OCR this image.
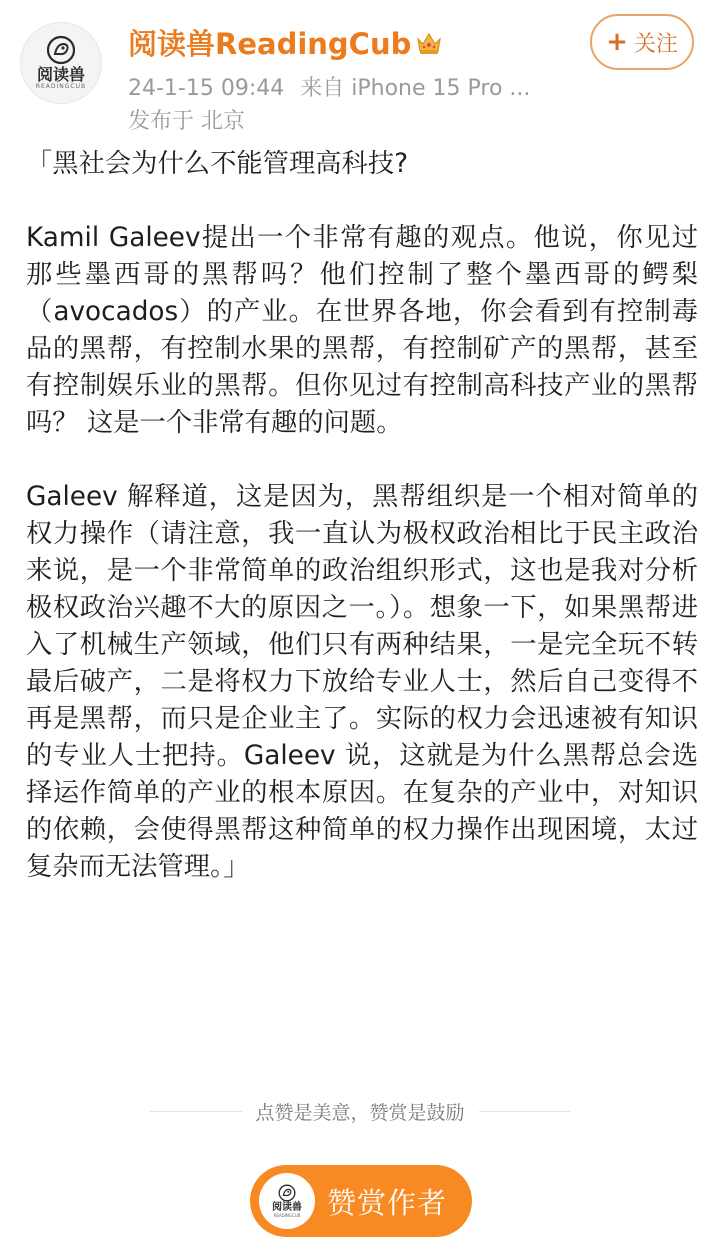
阅读兽
READINGCUB
阅读兽ReadingCub
24-1-15 09:44 来自 iPhone 15 Pro ...
发布于 北京
+ 关注

「黑社会为什么不能管理高科技?

Kamil Galeev提出一个非常有趣的观点。他说，你见过那些墨西哥的黑帮吗？他们控制了整个墨西哥的鳄梨（avocados）的产业。在世界各地，你会看到有控制毒品的黑帮，有控制水果的黑帮，有控制矿产的黑帮，甚至有控制娱乐业的黑帮。但你见过有控制高科技产业的黑帮吗？ 这是一个非常有趣的问题。

Galeev 解释道，这是因为，黑帮组织是一个相对简单的权力操作（请注意，我一直认为极权政治相比于民主政治来说，是一个非常简单的政治组织形式，这也是我对分析极权政治兴趣不大的原因之一。）。想象一下，如果黑帮进入了机械生产领域，他们只有两种结果，一是完全玩不转最后破产，二是将权力下放给专业人士，然后自己变得不再是黑帮，而只是企业主了。实际的权力会迅速被有知识的专业人士把持。Galeev 说，这就是为什么黑帮总会选择运作简单的产业的根本原因。在复杂的产业中，对知识的依赖，会使得黑帮这种简单的权力操作出现困境，太过复杂而无法管理。」

点赞是美意，赞赏是鼓励
阅读兽
READINGCUB 赞赏作者
